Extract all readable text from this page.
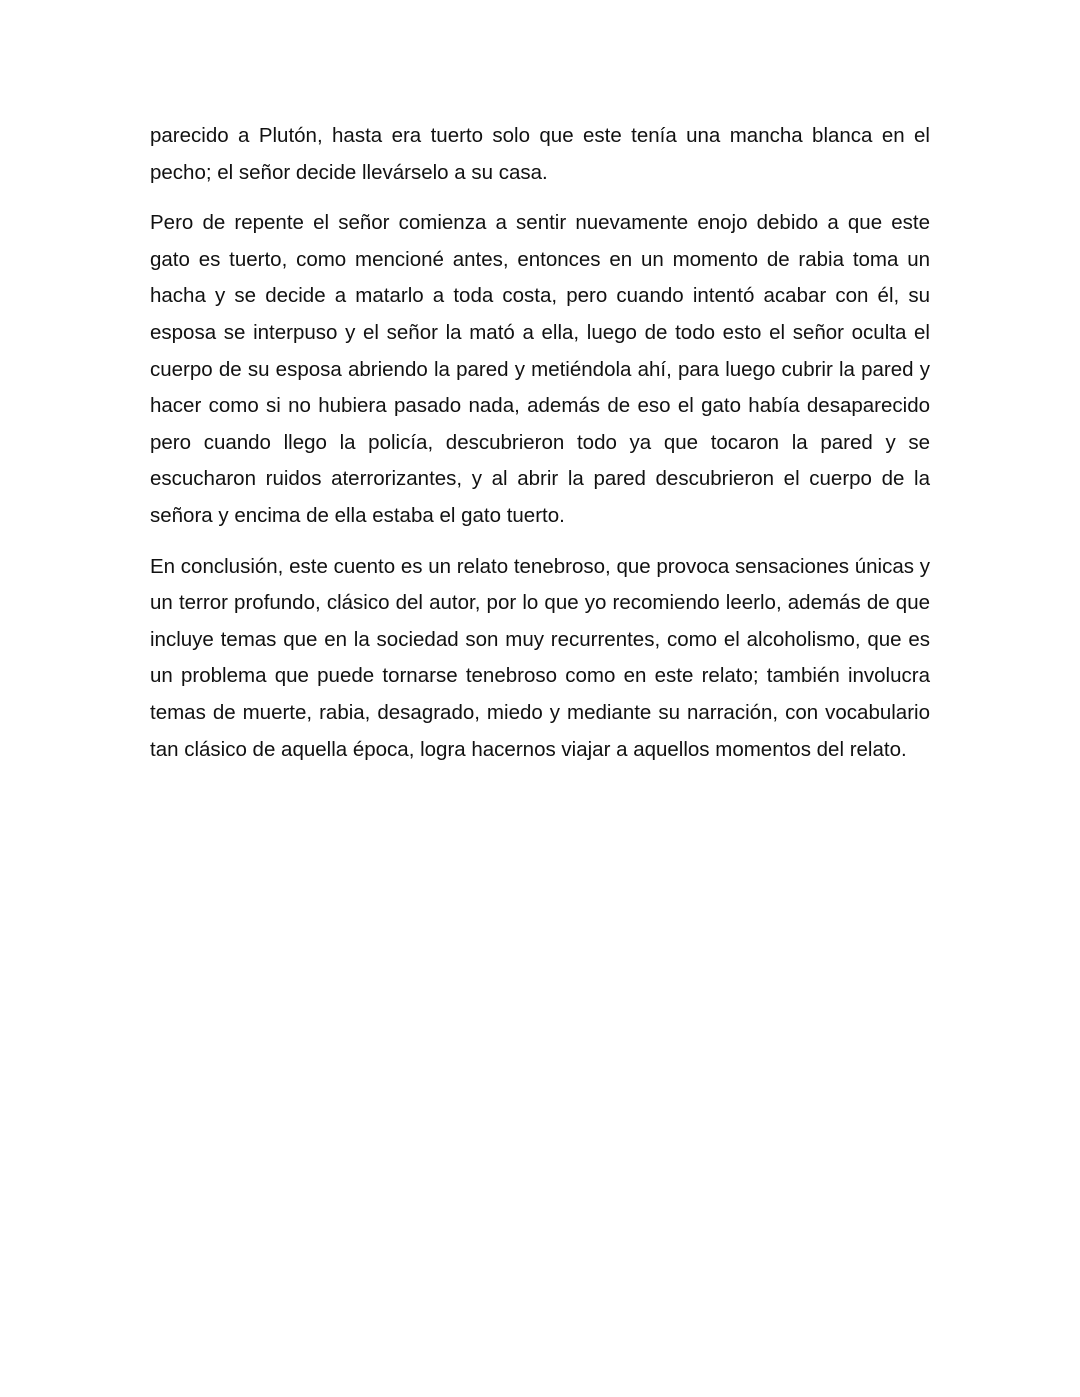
parecido a Plutón, hasta era tuerto solo que este tenía una mancha blanca en el pecho; el señor decide llevárselo a su casa.

Pero de repente el señor comienza a sentir nuevamente enojo debido a que este gato es tuerto, como mencioné antes, entonces en un momento de rabia toma un hacha y se decide a matarlo a toda costa, pero cuando intentó acabar con él, su esposa se interpuso y el señor la mató a ella, luego de todo esto el señor oculta el cuerpo de su esposa abriendo la pared y metiéndola ahí, para luego cubrir la pared y hacer como si no hubiera pasado nada, además de eso el gato había desaparecido pero cuando llego la policía, descubrieron todo ya que tocaron la pared y se escucharon ruidos aterrorizantes, y al abrir la pared descubrieron el cuerpo de la señora y encima de ella estaba el gato tuerto.

En conclusión, este cuento es un relato tenebroso, que provoca sensaciones únicas y un terror profundo, clásico del autor, por lo que yo recomiendo leerlo, además de que incluye temas que en la sociedad son muy recurrentes, como el alcoholismo, que es un problema que puede tornarse tenebroso como en este relato; también involucra temas de muerte, rabia, desagrado, miedo y mediante su narración, con vocabulario tan clásico de aquella época, logra hacernos viajar a aquellos momentos del relato.
